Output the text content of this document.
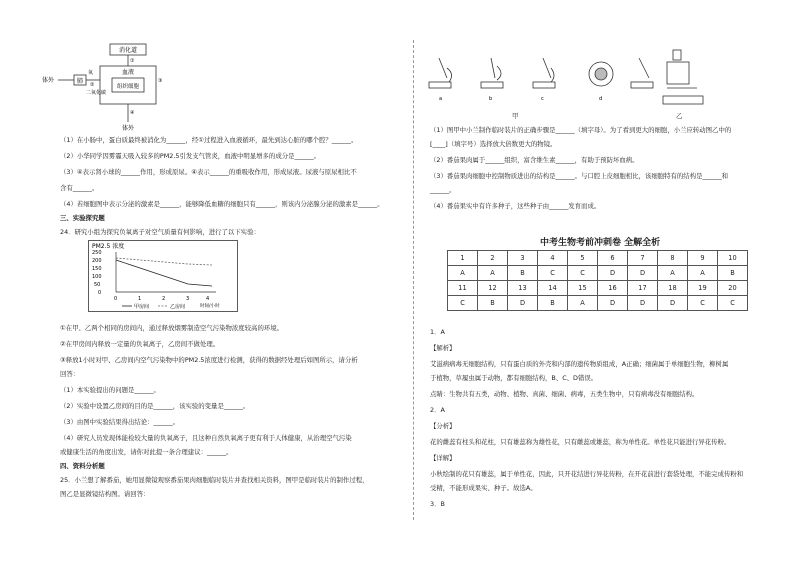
消化道
血液
组织细胞
肺
体外
氧
二氧化碳
体外
①
②
③
④
（1）在小肠中，蛋白质最终被消化为______，经①过程进入血液循环，最先到达心脏的哪个腔？______。
（2）小华同学因雾霾天吸入较多的PM2.5引发支气管炎，血液中明显增多的成分是______。
（3）④表示肾小球的______作用，形成原尿。④表示______的重吸收作用，形成尿液。尿液与原尿相比不
含有______。
（4）若细胞图中表示分泌的激素是______，能够降低血糖的细胞只有______，则该内分泌腺分泌的激素是______。
三、实验探究题
24．研究小组为探究负氧离子对空气质量有何影响，进行了以下实验：
①在甲、乙两个相同的房间内，通过释放烟雾制造空气污染物浓度较高的环境。
②在甲房间内释放一定量的负氧离子，乙房间不做处理。
③释放1小时对甲、乙房间内空气污染物中的PM2.5浓度进行检测，获得的数据经处理后如图所示，请分析
回答：
（1）本实验提出的问题是______。
（2）实验中设置乙房间的目的是______，该实验的变量是______。
（3）由图中实验结果得出结论：______。
（4）研究人员发现体能检较大量的负氧离子，且这种自然负氧离子更有利于人体健康，从治理空气污染
或健康生活的角度出发，请你对此提一条合理建议：______。
四、资料分析题
25．小兰想了解番茄，她用显微镜观察番茄果肉细胞临时装片并查找相关资料，图甲是临时装片的制作过程，
图乙是显微镜结构图。请回答：
PM2.5 浓度
250
200
150
100
50
0
0	1	2	3	4
时间/小时
甲房间	乙房间
a	b	c	d
甲	乙
（1）图甲中小兰制作临时装片的正确步骤是______（填字母）。为了看到更大的细胞，小兰应转动图乙中的
[____]（填字号）选择放大倍数更大的物镜。
（2）番茄果肉属于______组织，富含维生素______，有助于预防坏血病。
（3）番茄果肉细胞中控制物质进出的结构是______。与口腔上皮细胞相比，该细胞特有的结构是______和
______。
（4）番茄果实中有许多种子，这些种子由______发育而成。
中考生物考前冲刺卷 全解全析
1	2	3	4	5	6	7	8	9	10
A	A	B	C	C	D	D	A	A	B
11	12	13	14	15	16	17	18	19	20
C	B	D	B	A	D	D	D	C	C
1．A
【解析】
艾滋病病毒无细胞结构，只有蛋白质的外壳和内部的遗传物质组成，A正确；细菌属于单细胞生物，柳树属
于植物，草履虫属于动物，都有细胞结构，B、C、D错误。
点睛：生物共有五类，动物、植物、真菌、细菌、病毒，五类生物中，只有病毒没有细胞结构。
2．A
【分析】
花的雌蕊有柱头和花柱，只有雄蕊称为雄性花，只有雌蕊或雄蕊，称为单性花。单性花只能进行异花传粉。
【详解】
小秋绘制的花只有雄蕊，属于单性花，因此，只开花结进行异花传粉，在开花前进行套袋处理，不能完成传粉和
受精，不能形成果实、种子。故选A。
3．B
